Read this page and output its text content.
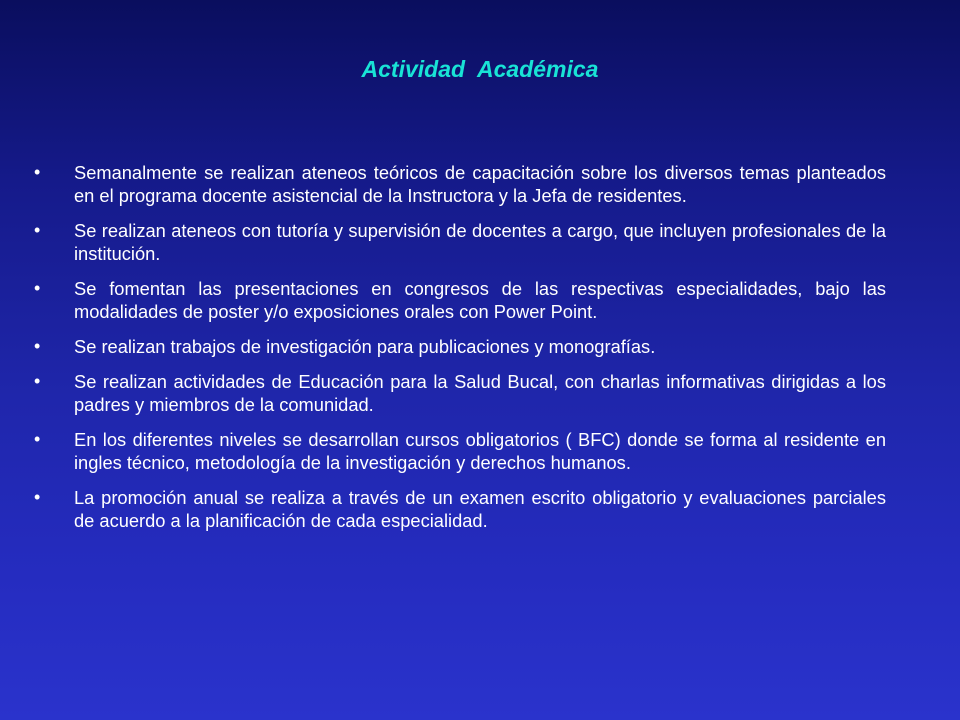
Actividad  Académica
•	Semanalmente se realizan ateneos teóricos de capacitación sobre los diversos temas planteados en el programa docente asistencial de la Instructora y la Jefa de residentes.
•	Se realizan ateneos con tutoría y supervisión de docentes a cargo, que incluyen profesionales de la institución.
•	Se fomentan las presentaciones en congresos de las respectivas especialidades, bajo las modalidades de poster y/o exposiciones orales con Power Point.
•	Se realizan trabajos de investigación para publicaciones y monografías.
•	Se realizan actividades de Educación para la Salud Bucal, con charlas informativas dirigidas a los padres y miembros de la comunidad.
•	En los diferentes niveles se desarrollan cursos obligatorios ( BFC) donde se forma al residente en ingles técnico, metodología de la investigación y derechos humanos.
•	La promoción anual se realiza a través de un examen escrito obligatorio y evaluaciones parciales de acuerdo a la planificación de cada especialidad.
